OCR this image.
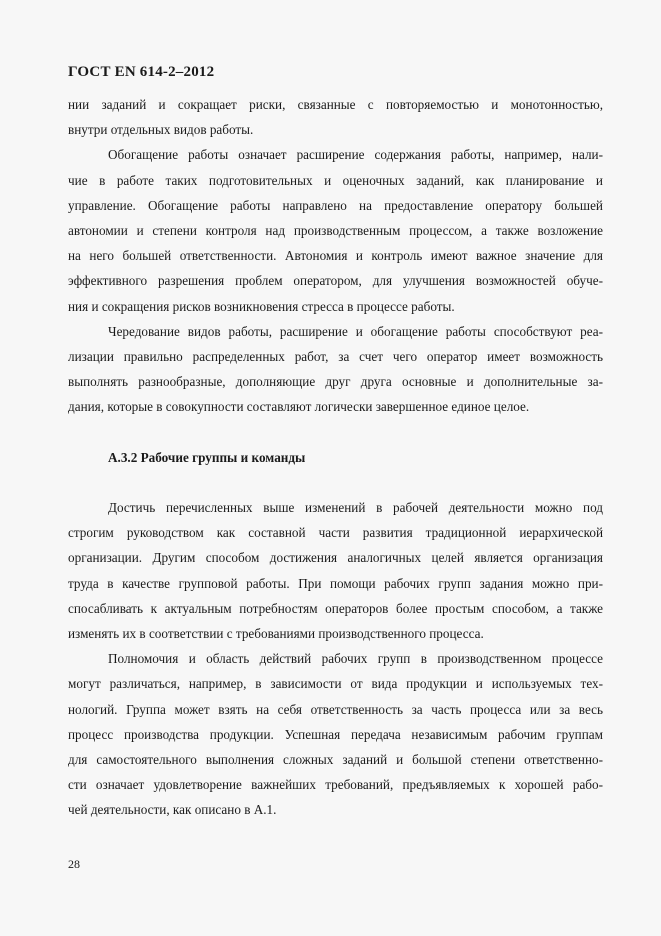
ГОСТ EN 614-2–2012
нии заданий и сокращает риски, связанные с повторяемостью и монотонностью,
внутри отдельных видов работы.
Обогащение работы означает расширение содержания работы, например, нали-
чие в работе таких подготовительных и оценочных заданий, как планирование и
управление. Обогащение работы направлено на предоставление оператору большей
автономии и степени контроля над производственным процессом, а также возложение
на него большей ответственности. Автономия и контроль имеют важное значение для
эффективного разрешения проблем оператором, для улучшения возможностей обуче-
ния и сокращения рисков возникновения стресса в процессе работы.
Чередование видов работы, расширение и обогащение работы способствуют реа-
лизации правильно распределенных работ, за счет чего оператор имеет возможность
выполнять разнообразные, дополняющие друг друга основные и дополнительные за-
дания, которые в совокупности составляют логически завершенное единое целое.
А.3.2 Рабочие группы и команды
Достичь перечисленных выше изменений в рабочей деятельности можно под
строгим руководством как составной части развития традиционной иерархической
организации. Другим способом достижения аналогичных целей является организация
труда в качестве групповой работы. При помощи рабочих групп задания можно при-
спосабливать к актуальным потребностям операторов более простым способом, а также
изменять их в соответствии с требованиями производственного процесса.
Полномочия и область действий рабочих групп в производственном процессе
могут различаться, например, в зависимости от вида продукции и используемых тех-
нологий. Группа может взять на себя ответственность за часть процесса или за весь
процесс производства продукции. Успешная передача независимым рабочим группам
для самостоятельного выполнения сложных заданий и большой степени ответственно-
сти означает удовлетворение важнейших требований, предъявляемых к хорошей рабо-
чей деятельности, как описано в А.1.
28
